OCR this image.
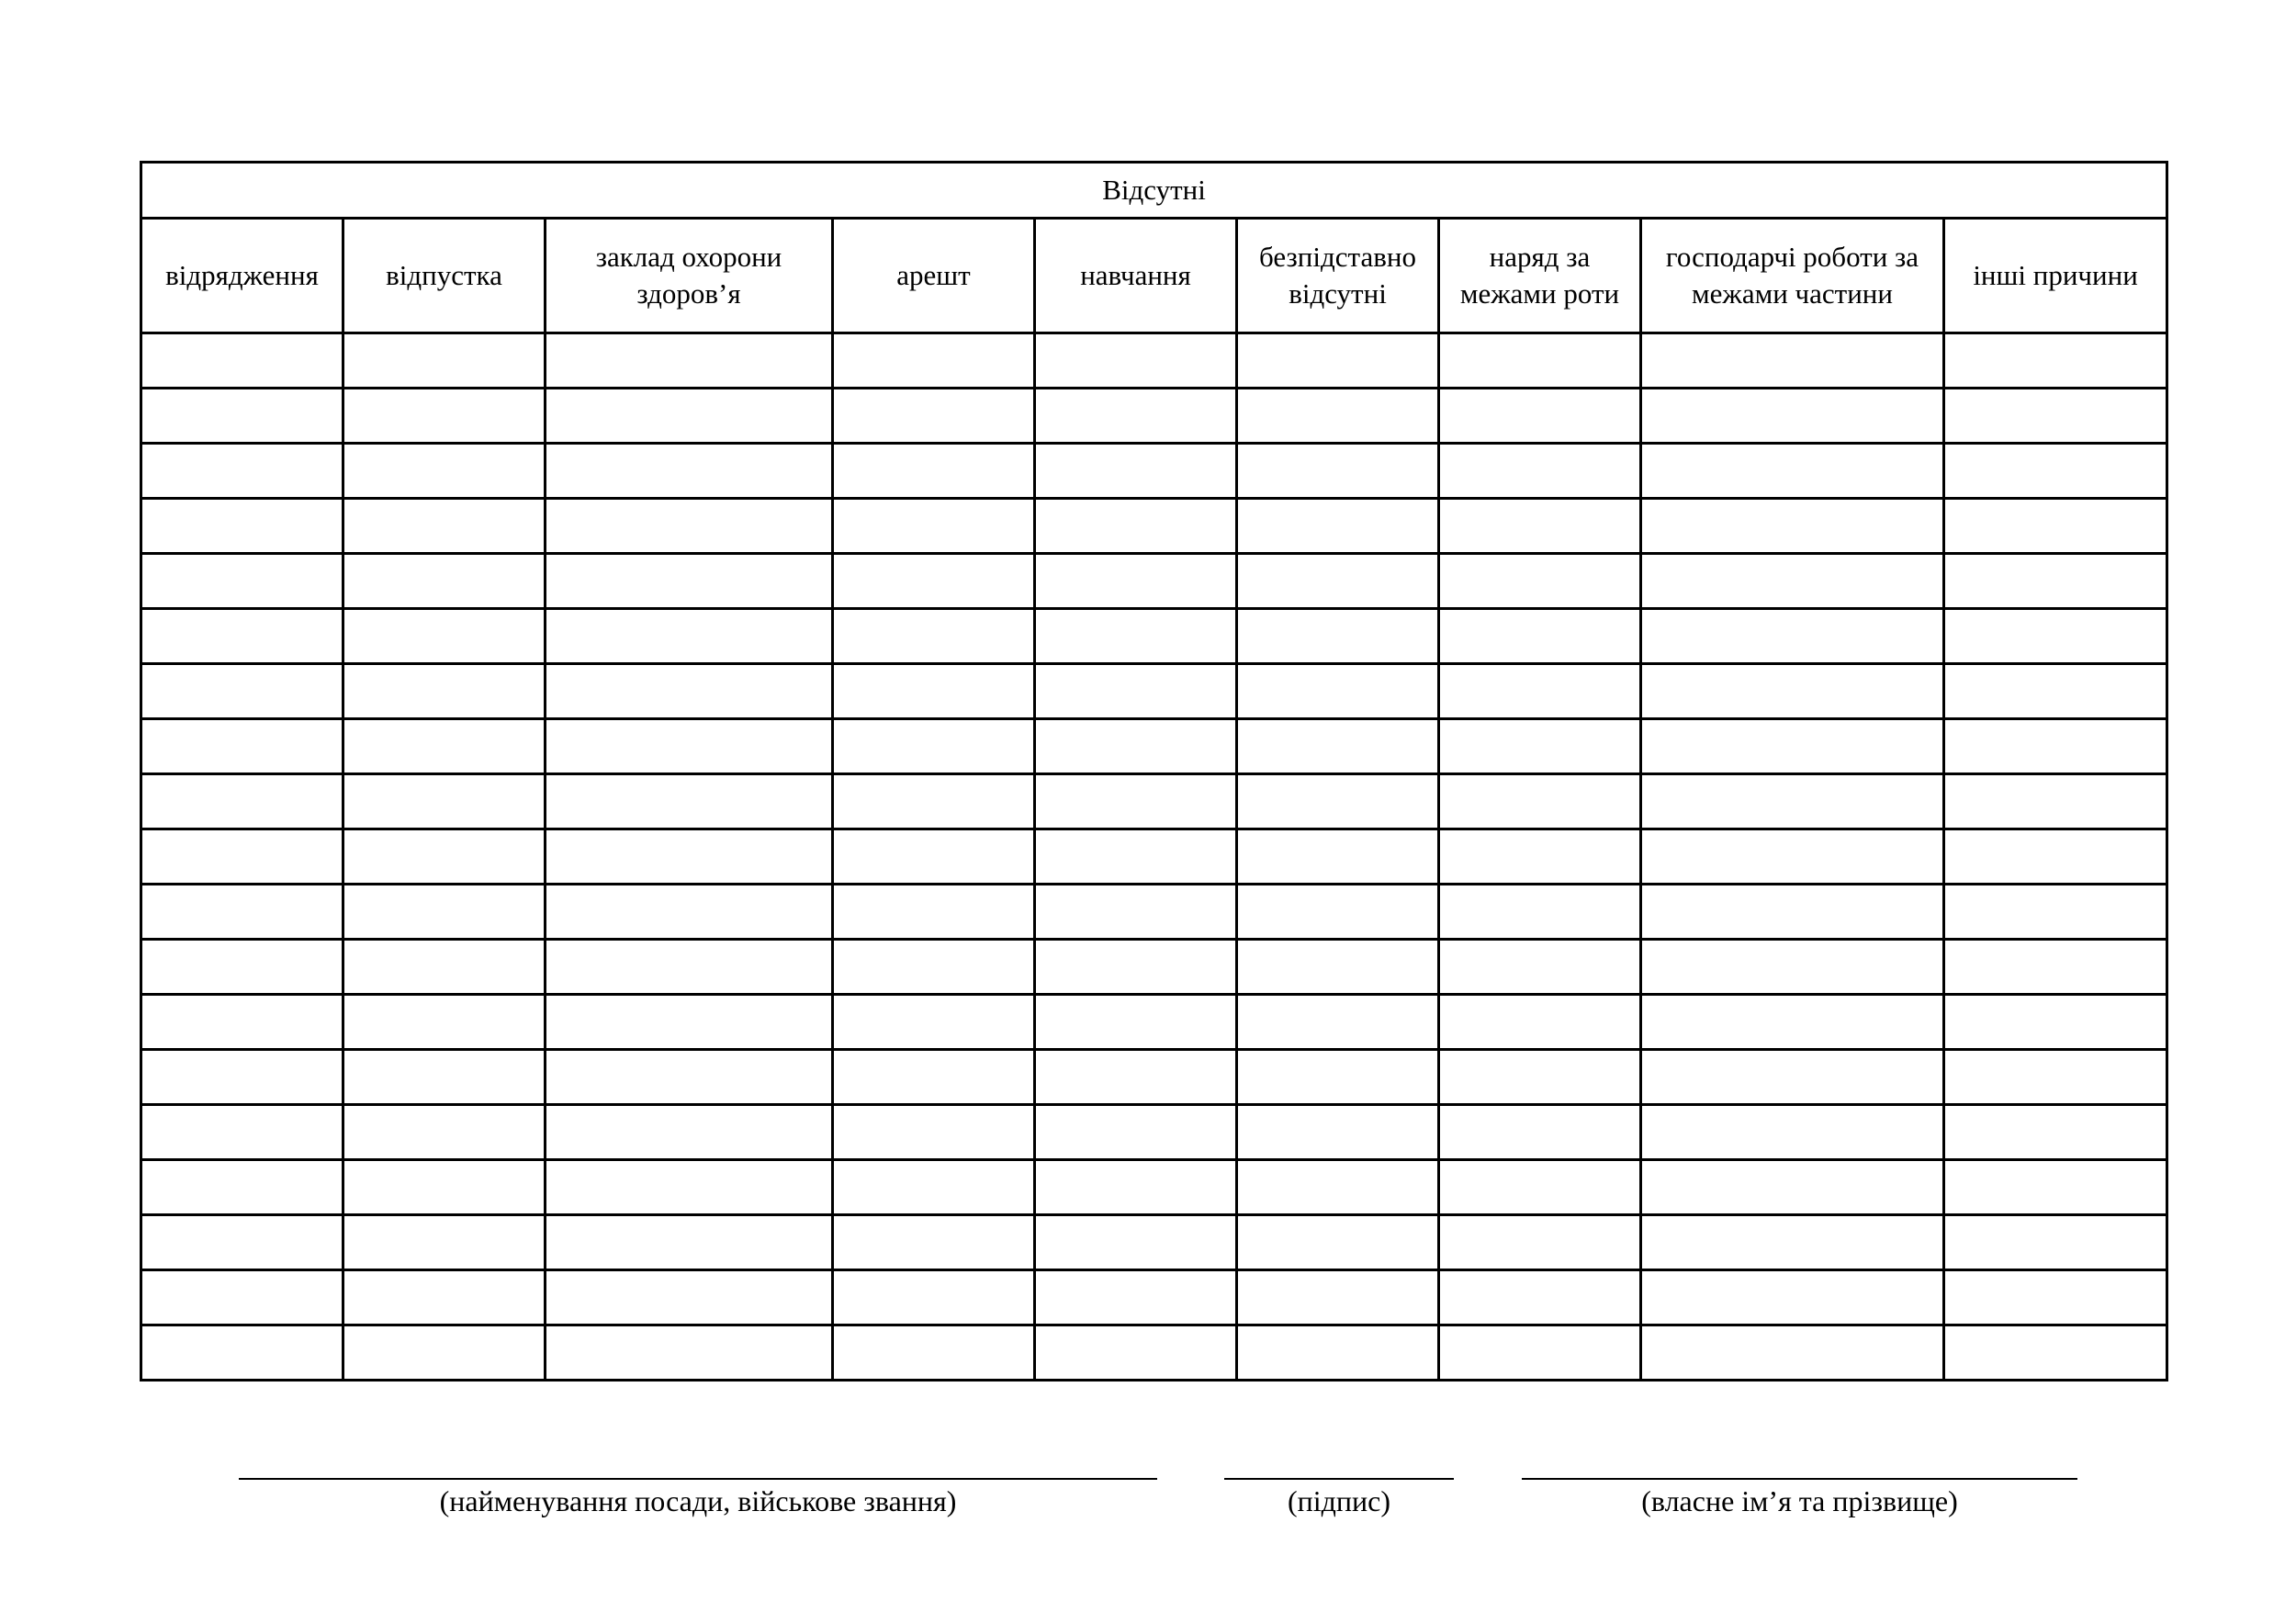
Відсутні								
відрядження	відпустка	заклад охорони здоров’я	арешт	навчання	безпідставно відсутні	наряд за межами роти	господарчі роботи за межами частини	інші причини

(найменування посади, військове звання)	(підпис)	(власне ім’я та прізвище)
